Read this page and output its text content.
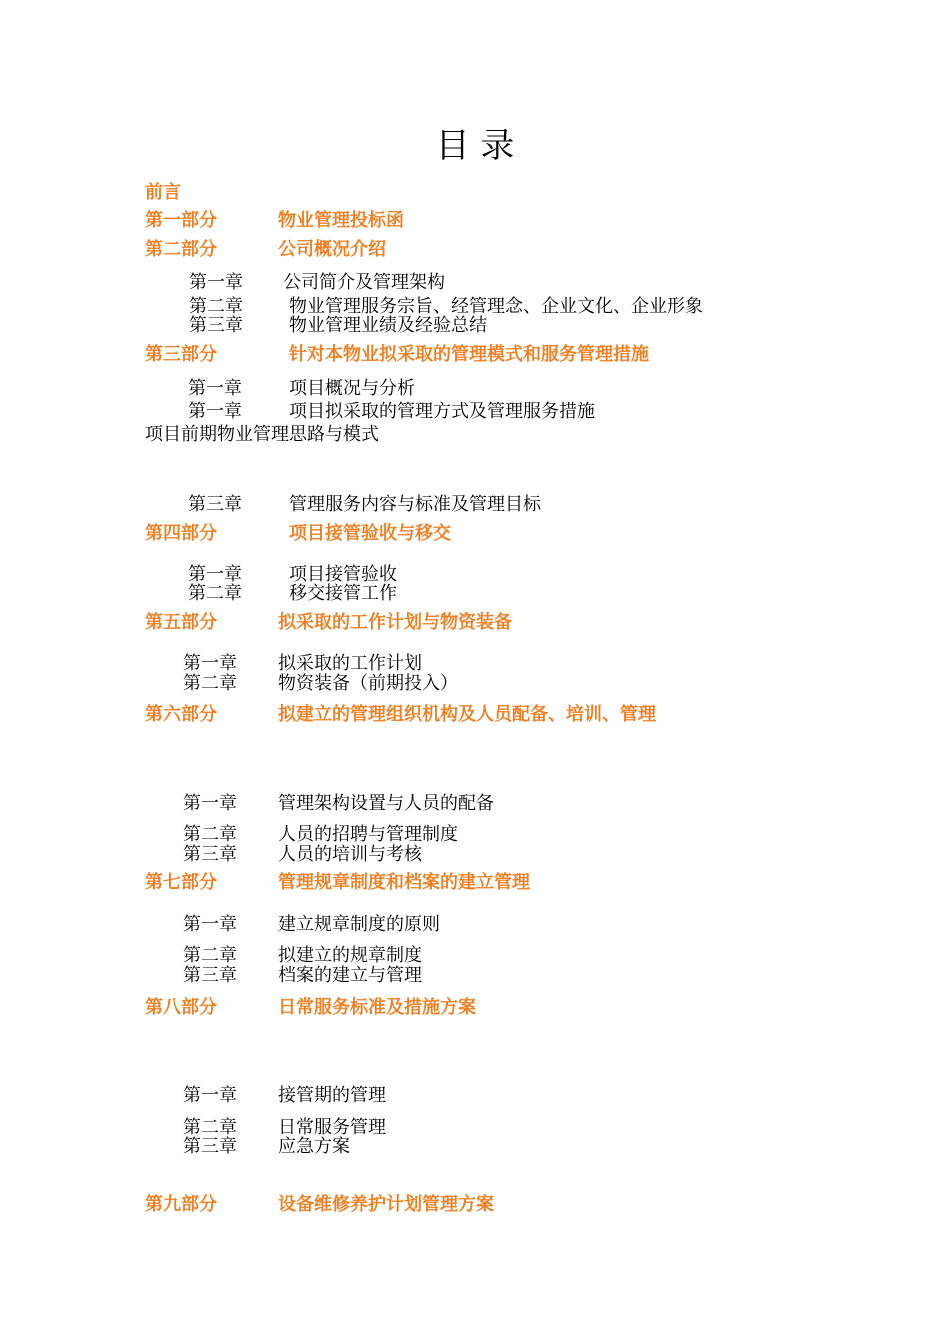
目 录
前言
第一部分	物业管理投标函
第二部分	公司概况介绍
第一章 公司简介及管理架构
第二章	物业管理服务宗旨、经管理念、企业文化、企业形象
第三章	物业管理业绩及经验总结
第三部分	针对本物业拟采取的管理模式和服务管理措施
第一章	项目概况与分析
第一章	项目拟采取的管理方式及管理服务措施
项目前期物业管理思路与模式
第三章	管理服务内容与标准及管理目标
第四部分	项目接管验收与移交
第一章	项目接管验收
第二章	移交接管工作
第五部分	拟采取的工作计划与物资装备
第一章 拟采取的工作计划
第二章 物资装备（前期投入）
第六部分	拟建立的管理组织机构及人员配备、培训、管理
第一章 管理架构设置与人员的配备
第二章 人员的招聘与管理制度
第三章 人员的培训与考核
第七部分	管理规章制度和档案的建立管理
第一章 建立规章制度的原则
第二章 拟建立的规章制度
第三章 档案的建立与管理
第八部分	日常服务标准及措施方案
第一章 接管期的管理
第二章 日常服务管理
第三章 应急方案
第九部分	设备维修养护计划管理方案
